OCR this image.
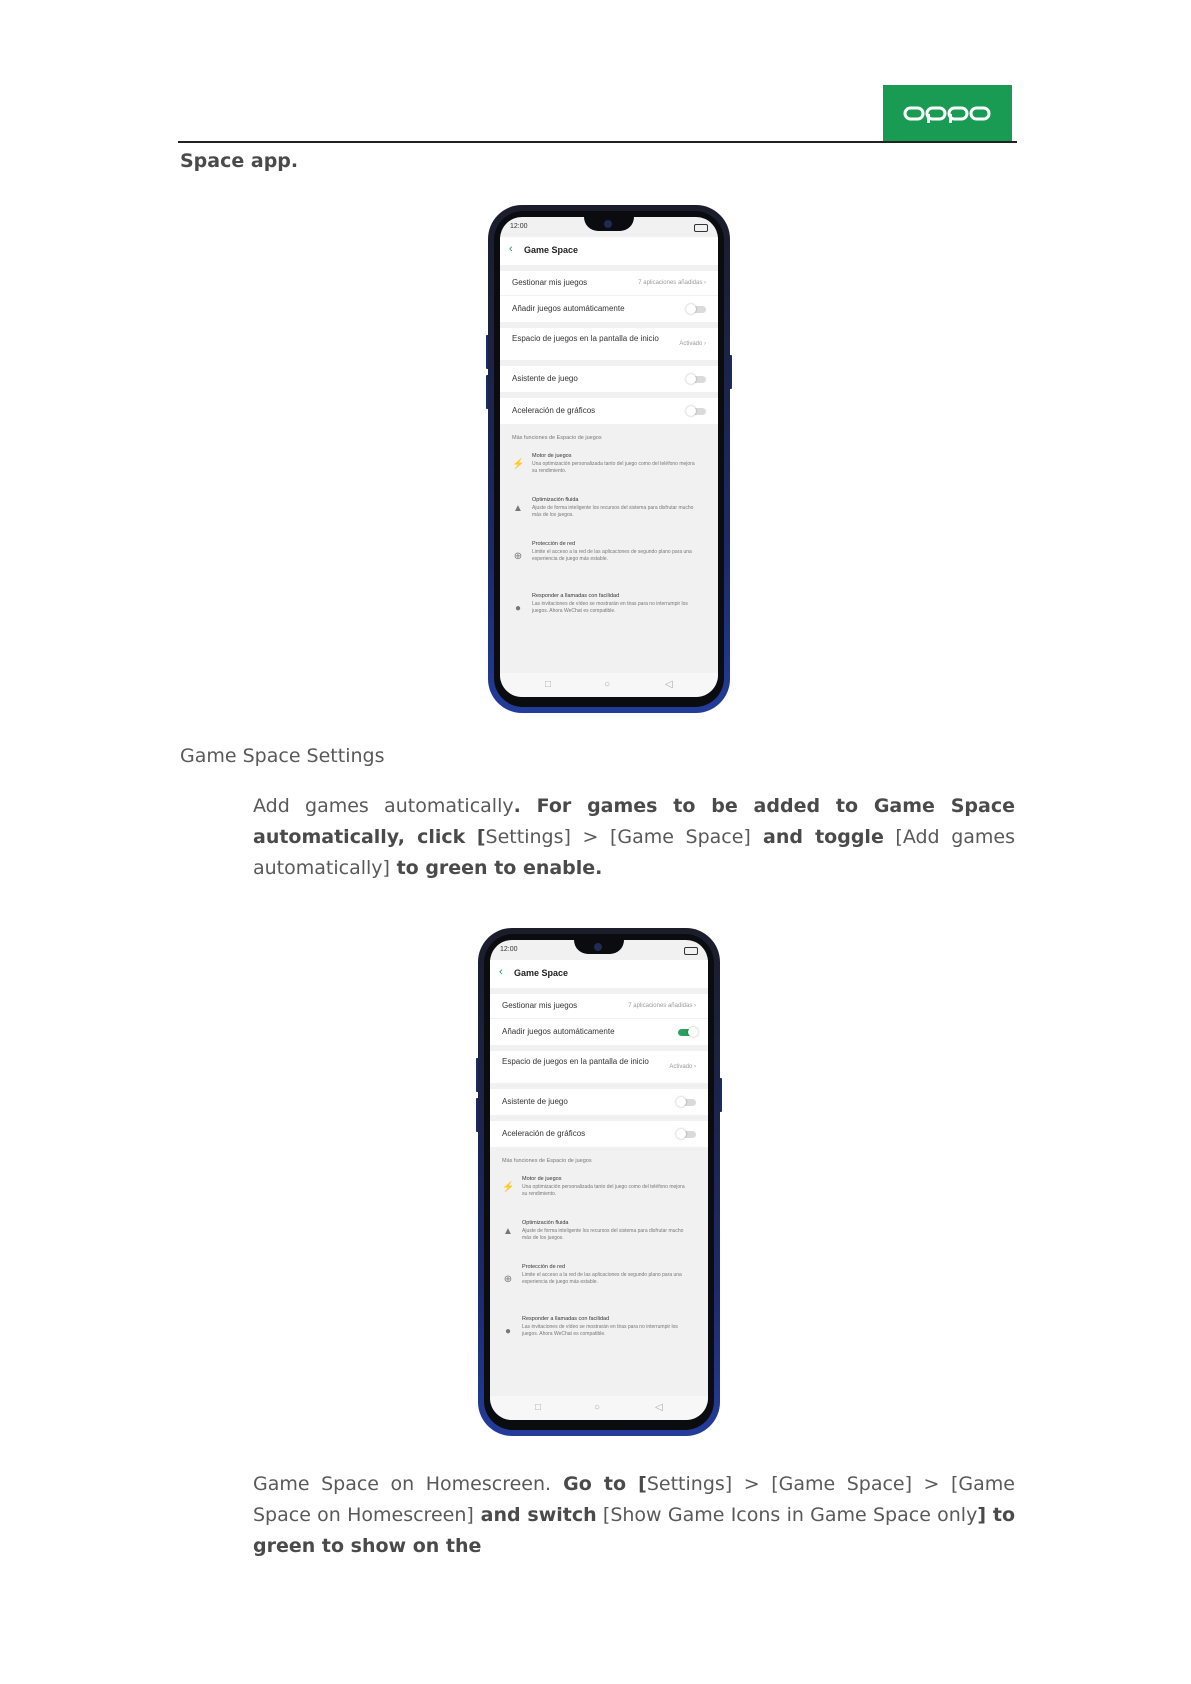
Space app.
12:00
‹ Game Space
Gestionar mis juegos	7 aplicaciones añadidas ›
Añadir juegos automáticamente
Espacio de juegos en la pantalla de inicio
Activado ›
Asistente de juego
Aceleración de gráficos
Más funciones de Espacio de juegos
⚡
Motor de juegos
Una optimización personalizada tanto del juego como del teléfono mejora su rendimiento.
▲
Optimización fluida
Ajuste de forma inteligente los recursos del sistema para disfrutar mucho más de los juegos.
⊕
Protección de red
Limite el acceso a la red de las aplicaciones de segundo plano para una experiencia de juego más estable.
●
Responder a llamadas con facilidad
Las invitaciones de vídeo se mostrarán en tiras para no interrumpir los juegos. Ahora WeChat es compatible.
□	○	◁
Game Space Settings
Add games automatically. For games to be added to Game Space automatically, click [Settings] > [Game Space] and toggle [Add games automatically] to green to enable.
12:00
‹ Game Space
Gestionar mis juegos	7 aplicaciones añadidas ›
Añadir juegos automáticamente
Espacio de juegos en la pantalla de inicio
Activado ›
Asistente de juego
Aceleración de gráficos
Más funciones de Espacio de juegos
⚡
Motor de juegos
Una optimización personalizada tanto del juego como del teléfono mejora su rendimiento.
▲
Optimización fluida
Ajuste de forma inteligente los recursos del sistema para disfrutar mucho más de los juegos.
⊕
Protección de red
Limite el acceso a la red de las aplicaciones de segundo plano para una experiencia de juego más estable.
●
Responder a llamadas con facilidad
Las invitaciones de vídeo se mostrarán en tiras para no interrumpir los juegos. Ahora WeChat es compatible.
□	○	◁
Game Space on Homescreen. Go to [Settings] > [Game Space] > [Game Space on Homescreen] and switch [Show Game Icons in Game Space only] to green to show on the
